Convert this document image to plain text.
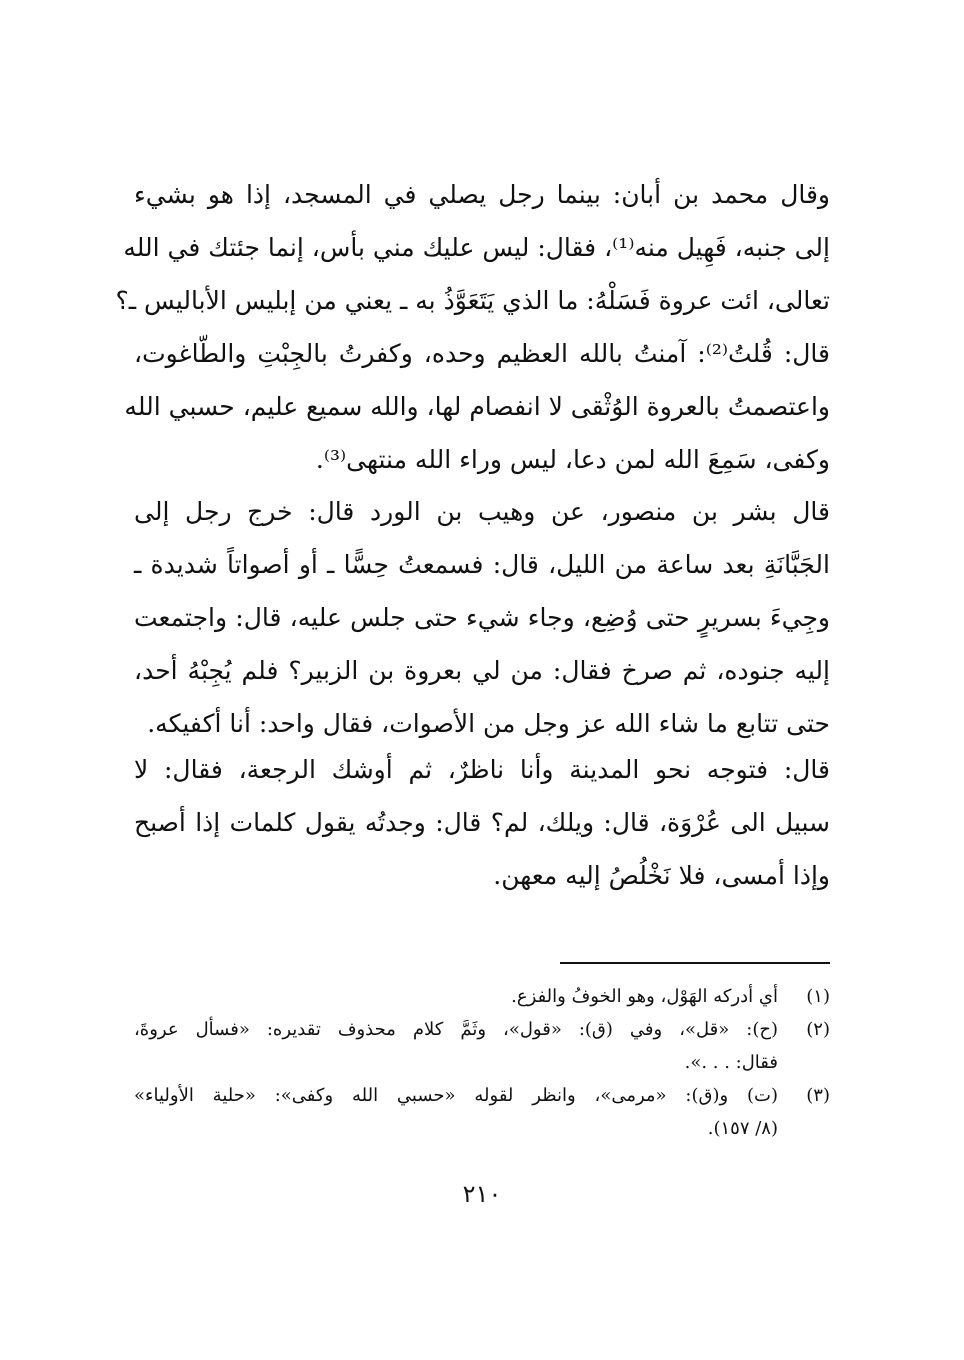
وقال محمد بن أبان: بينما رجل يصلي في المسجد، إذا هو بشيء
إلى جنبه، فَهِيل منه⁽¹⁾، فقال: ليس عليك مني بأس، إنما جئتك في الله
تعالى، ائت عروة فَسَلْهُ: ما الذي يَتَعَوَّذُ به ـ يعني من إبليس الأباليس ـ؟
قال: قُلتُ⁽²⁾: آمنتُ بالله العظيم وحده، وكفرتُ بالجِبْتِ والطّاغوت،
واعتصمتُ بالعروة الوُثْقى لا انفصام لها، والله سميع عليم، حسبي الله
وكفى، سَمِعَ الله لمن دعا، ليس وراء الله منتهى⁽³⁾.
قال بشر بن منصور، عن وهيب بن الورد قال: خرج رجل إلى
الجَبَّانَةِ بعد ساعة من الليل، قال: فسمعتُ حِسًّا ـ أو أصواتاً شديدة ـ
وجِيءَ بسريرٍ حتى وُضِع، وجاء شيء حتى جلس عليه، قال: واجتمعت
إليه جنوده، ثم صرخ فقال: من لي بعروة بن الزبير؟ فلم يُجِبْهُ أحد،
حتى تتابع ما شاء الله عز وجل من الأصوات، فقال واحد: أنا أكفيكه.
قال: فتوجه نحو المدينة وأنا ناظرٌ، ثم أوشك الرجعة، فقال: لا
سبيل الى عُرْوَة، قال: ويلك، لم؟ قال: وجدتُه يقول كلمات إذا أصبح
وإذا أمسى، فلا نَخْلُصُ إليه معهن.
(١)
أي أدركه الهَوْل، وهو الخوفُ والفزع.
(٢)
(ح): «قل»، وفي (ق): «قول»، وثَمَّ كلام محذوف تقديره: «فسأل عروةَ،
فقال: . . .».
(٣)
(ت) و(ق): «مرمى»، وانظر لقوله «حسبي الله وكفى»: «حلية الأولياء»
(٨/ ١٥٧).
٢١٠
